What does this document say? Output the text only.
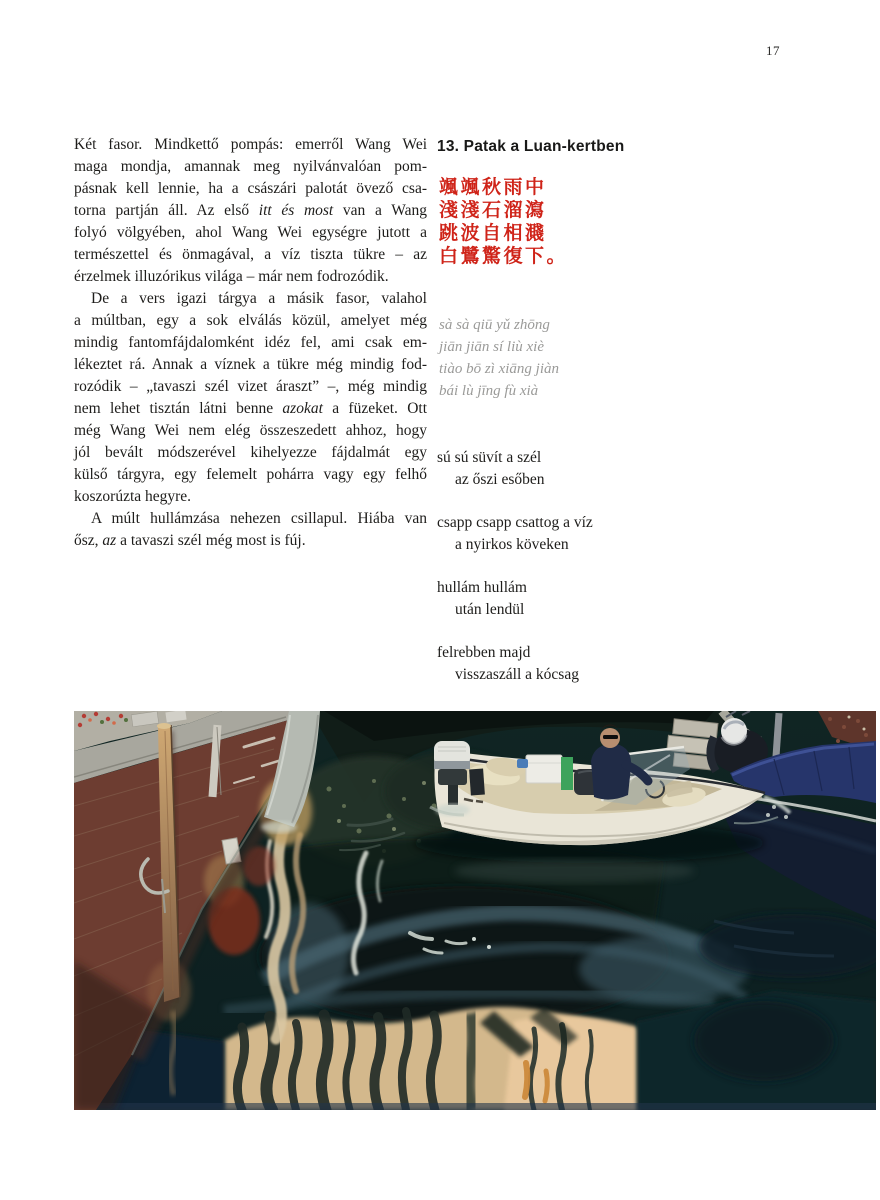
17
Két fasor. Mindkettő pompás: emerről Wang Wei
maga mondja, amannak meg nyilvánvalóan pom-
pásnak kell lennie, ha a császári palotát övező csa-
torna partján áll. Az első itt és most van a Wang
folyó völgyében, ahol Wang Wei egységre jutott a
természettel és önmagával, a víz tiszta tükre – az
érzelmek illuzórikus világa – már nem fodrozódik.
De a vers igazi tárgya a másik fasor, valahol
a múltban, egy a sok elválás közül, amelyet még
mindig fantomfájdalomként idéz fel, ami csak em-
lékeztet rá. Annak a víznek a tükre még mindig fod-
rozódik – „tavaszi szél vizet áraszt” –, még mindig
nem lehet tisztán látni benne azokat a füzeket. Ott
még Wang Wei nem elég összeszedett ahhoz, hogy
jól bevált módszerével kihelyezze fájdalmát egy
külső tárgyra, egy felemelt pohárra vagy egy felhő
koszorúzta hegyre.
A múlt hullámzása nehezen csillapul. Hiába van
ősz, az a tavaszi szél még most is fúj.
13. Patak a Luan-kertben
颯颯秋雨中
淺淺石溜瀉
跳波自相濺
白鷺驚復下。
sà sà qiū yǔ zhōng
jiān jiān sí liù xiè
tiào bō zì xiāng jiàn
bái lù jīng fù xià
sú sú süvít a szél
az őszi esőben
csapp csapp csattog a víz
a nyirkos köveken
hullám hullám
után lendül
felrebben majd
visszaszáll a kócsag
